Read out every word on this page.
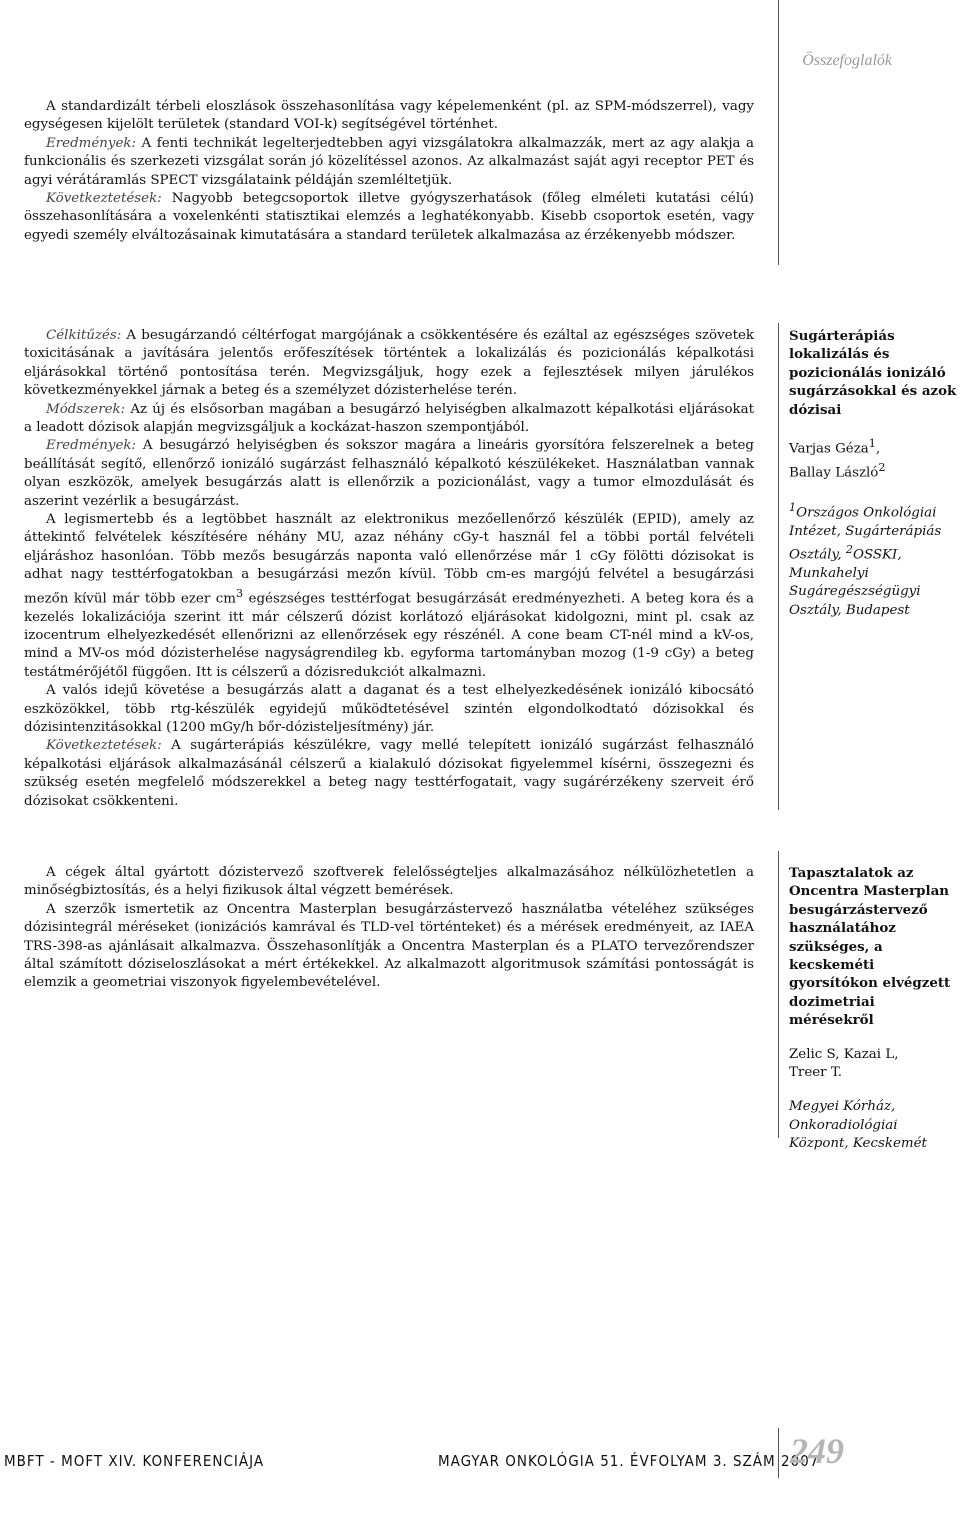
Összefoglalók

A standardizált térbeli eloszlások összehasonlítása vagy képelemenként (pl. az SPM-módszerrel), vagy egységesen kijelölt területek (standard VOI-k) segítségével történhet.

Eredmények: A fenti technikát legelterjedtebben agyi vizsgálatokra alkalmazzák, mert az agy alakja a funkcionális és szerkezeti vizsgálat során jó közelítéssel azonos. Az alkalmazást saját agyi receptor PET és agyi vérátáramlás SPECT vizsgálataink példáján szemléltetjük.

Következtetések: Nagyobb betegcsoportok illetve gyógyszerhatások (főleg elméleti kutatási célú) összehasonlítására a voxelenkénti statisztikai elemzés a leghatékonyabb. Kisebb csoportok esetén, vagy egyedi személy elváltozásainak kimutatására a standard területek alkalmazása az érzékenyebb módszer.

Célkitűzés: A besugárzandó céltérfogat margójának a csökkentésére és ezáltal az egészséges szövetek toxicitásának a javítására jelentős erőfeszítések történtek a lokalizálás és pozicionálás képalkotási eljárásokkal történő pontosítása terén. Megvizsgáljuk, hogy ezek a fejlesztések milyen járulékos következményekkel járnak a beteg és a személyzet dózisterhelése terén.

Módszerek: Az új és elsősorban magában a besugárzó helyiségben alkalmazott képalkotási eljárásokat a leadott dózisok alapján megvizsgáljuk a kockázat-haszon szempontjából.

Eredmények: A besugárzó helyiségben és sokszor magára a lineáris gyorsítóra felszerelnek a beteg beállítását segítő, ellenőrző ionizáló sugárzást felhasználó képalkotó készülékeket. Használatban vannak olyan eszközök, amelyek besugárzás alatt is ellenőrzik a pozicionálást, vagy a tumor elmozdulását és aszerint vezérlik a besugárzást.

A legismertebb és a legtöbbet használt az elektronikus mezőellenőrző készülék (EPID), amely az áttekintő felvételek készítésére néhány MU, azaz néhány cGy-t használ fel a többi portál felvételi eljáráshoz hasonlóan. Több mezős besugárzás naponta való ellenőrzése már 1 cGy fölötti dózisokat is adhat nagy testtérfogatokban a besugárzási mezőn kívül. Több cm-es margójú felvétel a besugárzási mezőn kívül már több ezer $cm^3$ egészséges testtérfogat besugárzását eredményezheti. A beteg kora és a kezelés lokalizációja szerint itt már célszerű dózist korlátozó eljárásokat kidolgozni, mint pl. csak az izocentrum elhelyezkedését ellenőrizni az ellenőrzések egy részénél. A cone beam CT-nél mind a kV-os, mind a MV-os mód dózisterhelése nagyságrendileg kb. egyforma tartományban mozog (1-9 cGy) a beteg testátmérőjétől függően. Itt is célszerű a dózisredukciót alkalmazni.

A valós idejű követése a besugárzás alatt a daganat és a test elhelyezkedésének ionizáló kibocsátó eszközökkel, több rtg-készülék egyidejű működtetésével szintén elgondolkodtató dózisokkal és dózisintenzitásokkal (1200 mGy/h bőr-dózisteljesítmény) jár.

Következtetések: A sugárterápiás készülékre, vagy mellé telepített ionizáló sugárzást felhasználó képalkotási eljárások alkalmazásánál célszerű a kialakuló dózisokat figyelemmel kísérni, összegezni és szükség esetén megfelelő módszerekkel a beteg nagy testtérfogatait, vagy sugárérzékeny szerveit érő dózisokat csökkenteni.

Sugárterápiás lokalizálás és pozicionálás ionizáló sugárzásokkal és azok dózisai
Varjas Géza$^1$,
Ballay László$^2$

$^1$Országos Onkológiai Intézet, Sugárterápiás Osztály, $^2$OSSKI, Munkahelyi Sugáregészségügyi Osztály, Budapest

A cégek által gyártott dózistervező szoftverek felelősségteljes alkalmazásához nélkülözhetetlen a minőségbiztosítás, és a helyi fizikusok által végzett bemérések.

A szerzők ismertetik az Oncentra Masterplan besugárzástervező használatba vételéhez szükséges dózisintegrál méréseket (ionizációs kamrával és TLD-vel történteket) és a mérések eredményeit, az IAEA TRS-398-as ajánlásait alkalmazva. Összehasonlítják a Oncentra Masterplan és a PLATO tervezőrendszer által számított dóziseloszlásokat a mért értékekkel. Az alkalmazott algoritmusok számítási pontosságát is elemzik a geometriai viszonyok figyelembevételével.

Tapasztalatok az Oncentra Masterplan besugárzástervező használatához szükséges, a kecskeméti gyorsítókon elvégzett dozimetriai mérésekről
Zelic S, Kazai L,
Treer T.

Megyei Kórház, Onkoradiológiai Központ, Kecskemét

MBFT - MOFT XIV. KONFERENCIÁJA	MAGYAR ONKOLÓGIA 51. ÉVFOLYAM 3. SZÁM 2007
249
